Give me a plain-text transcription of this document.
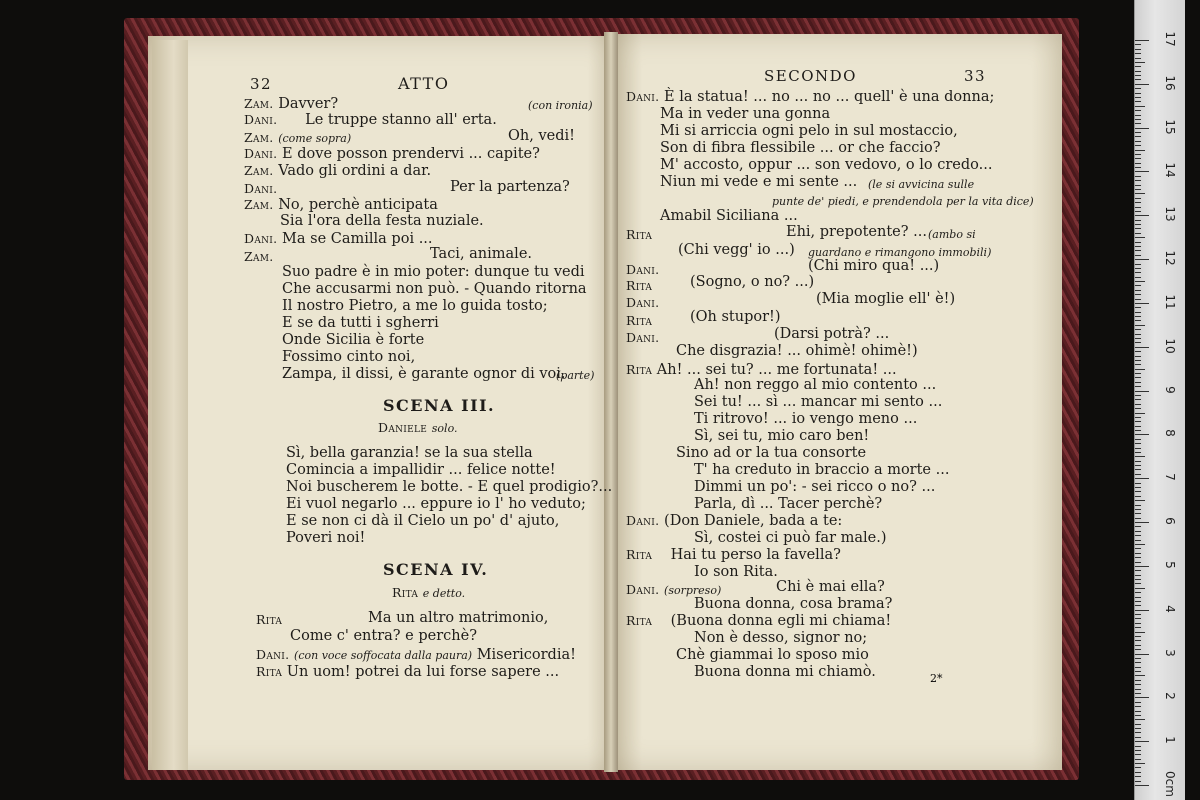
32	ATTO
Zam. Davver?	(con ironia)
Dani. Le truppe stanno all' erta.
Zam. (come sopra)	Oh, vedi!
Dani. E dove posson prendervi ... capite?
Zam. Vado gli ordini a dar.
Dani.	Per la partenza?
Zam. No, perchè anticipata
Sia l'ora della festa nuziale.
Dani. Ma se Camilla poi ...
Zam.	Taci, animale.
Suo padre è in mio poter: dunque tu vedi
Che accusarmi non può. - Quando ritorna
Il nostro Pietro, a me lo guida tosto;
E se da tutti i sgherri
Onde Sicilia è forte
Fossimo cinto noi,
Zampa, il dissi, è garante ognor di voi.
(parte)
SCENA III.
Daniele solo.
Sì, bella garanzia! se la sua stella
Comincia a impallidir ... felice notte!
Noi buscherem le botte. - E quel prodigio?...
Ei vuol negarlo ... eppure io l' ho veduto;
E se non ci dà il Cielo un po' d' ajuto,
Poveri noi!
SCENA IV.
Rita e detto.
Rita	Ma un altro matrimonio,
Come c' entra? e perchè?
Dani. (con voce soffocata dalla paura) Misericordia!
Rita Un uom! potrei da lui forse sapere ...
SECONDO	33
Dani. È la statua! ... no ... no ... quell' è una donna;
Ma in veder una gonna
Mi si arriccia ogni pelo in sul mostaccio,
Son di fibra flessibile ... or che faccio?
M' accosto, oppur ... son vedovo, o lo credo...
Niun mi vede e mi sente ... (le si avvicina sulle
punte de' piedi, e prendendola per la vita dice)
Amabil Siciliana ...
Rita	Ehi, prepotente? ... (ambo si
(Chi vegg' io ...) guardano e rimangono immobili)
Dani.	(Chi miro qua! ...)
Rita	(Sogno, o no? ...)
Dani.	(Mia moglie ell' è!)
Rita	(Oh stupor!)
Dani.	(Darsi potrà? ...
Che disgrazia! ... ohimè! ohimè!)
Rita Ah! ... sei tu? ... me fortunata! ...
Ah! non reggo al mio contento ...
Sei tu! ... sì ... mancar mi sento ...
Ti ritrovo! ... io vengo meno ...
Sì, sei tu, mio caro ben!
Sino ad or la tua consorte
T' ha creduto in braccio a morte ...
Dimmi un po': - sei ricco o no? ...
Parla, dì ... Tacer perchè?
Dani. (Don Daniele, bada a te:
Sì, costei ci può far male.)
Rita Hai tu perso la favella?
Io son Rita.
Dani. (sorpreso)	Chi è mai ella?
Buona donna, cosa brama?
Rita (Buona donna egli mi chiama!
Non è desso, signor no;
Chè giammai lo sposo mio
Buona donna mi chiamò.	2*
17
16
15
14
13
12
11
10
9
8
7
6
5
4
3
2
1
0cm
